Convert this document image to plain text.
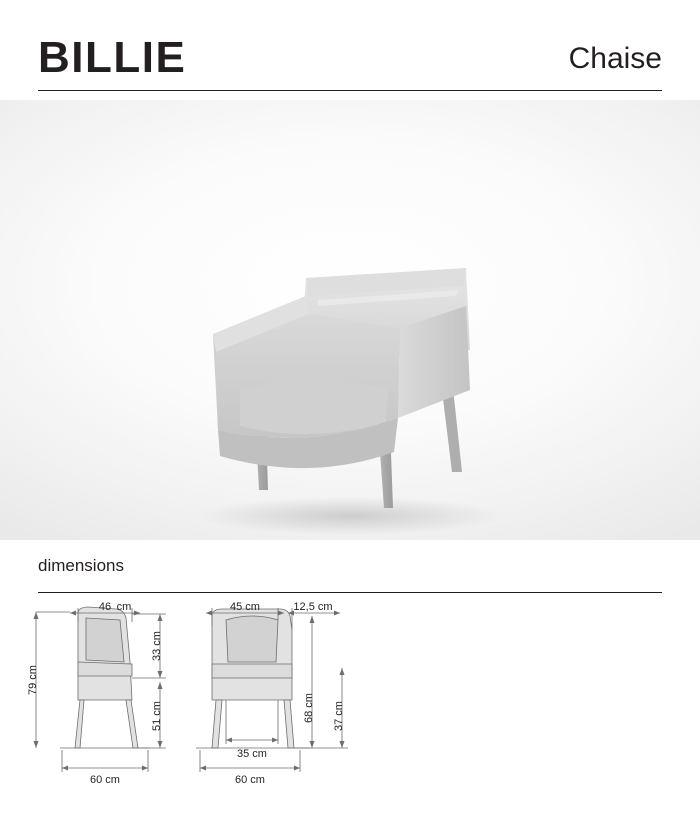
BILLIE	Chaise
dimensions
46 cm
79 cm
33 cm
51 cm
60 cm
45 cm	12,5 cm
35 cm
68 cm 37 cm
60 cm
